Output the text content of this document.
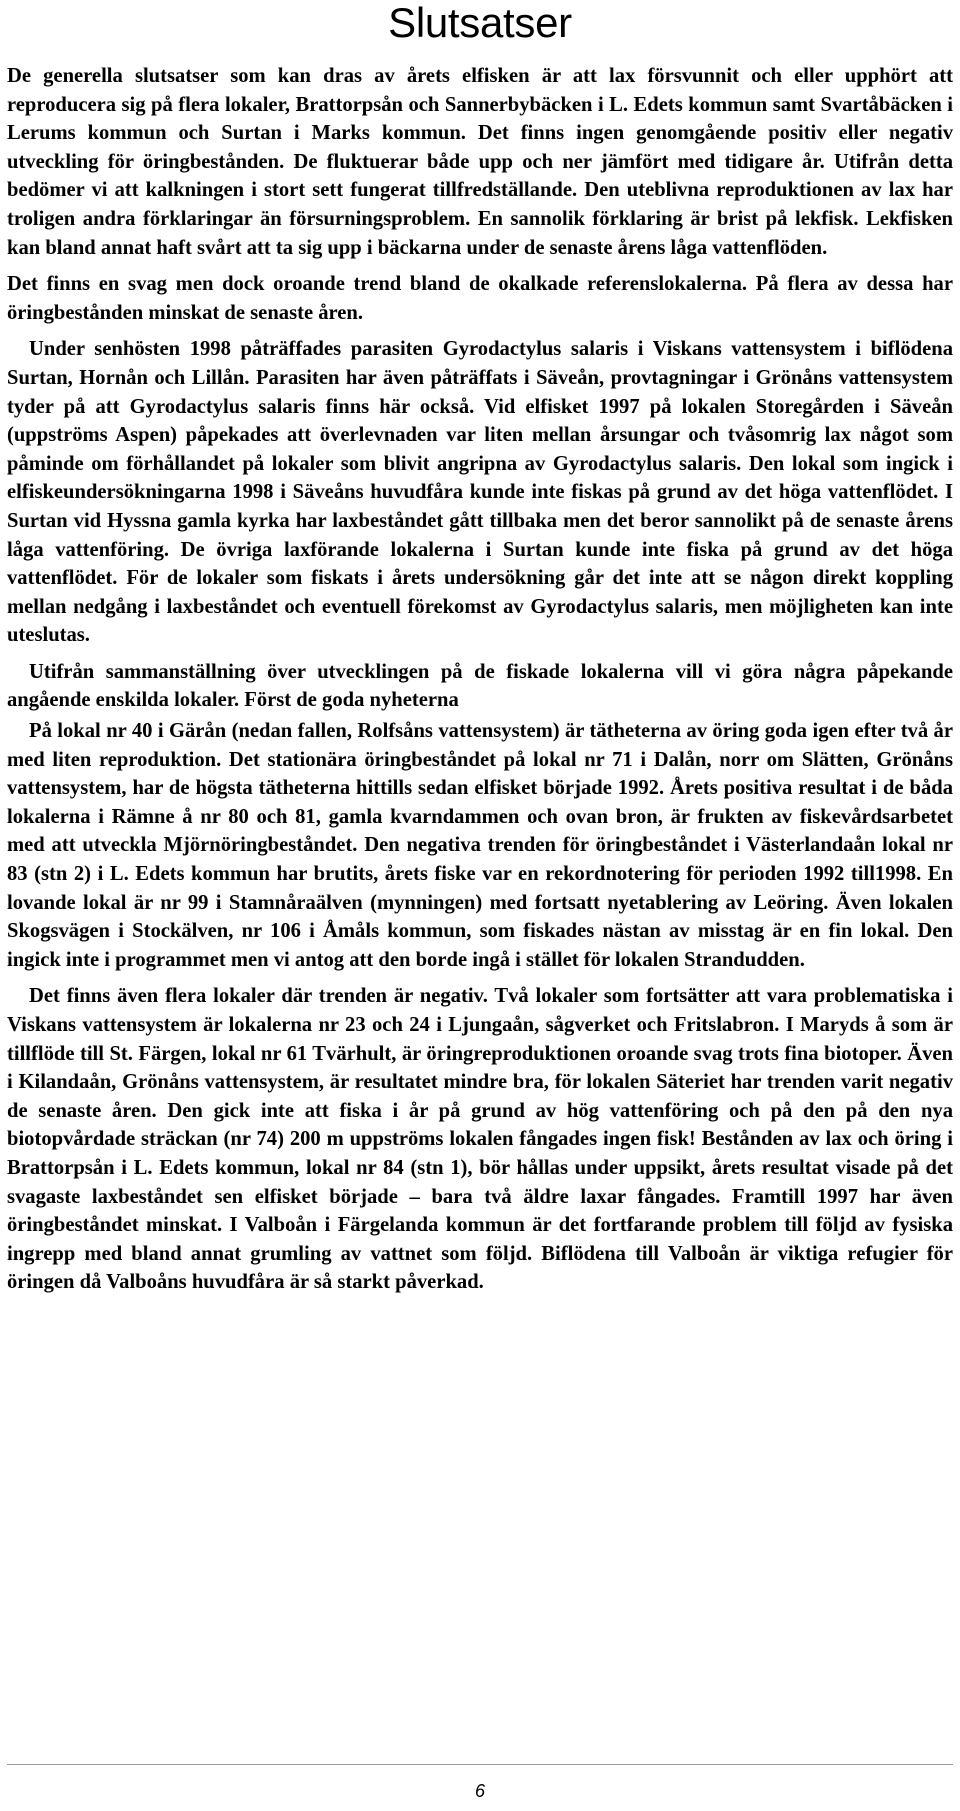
Slutsatser

De generella slutsatser som kan dras av årets elfisken är att lax försvunnit och eller upphört att reproducera sig på flera lokaler, Brattorpsån och Sannerbybäcken i L. Edets kommun samt Svartåbäcken i Lerums kommun och Surtan i Marks kommun. Det finns ingen genomgående positiv eller negativ utveckling för öringbestånden. De fluktuerar både upp och ner jämfört med tidigare år. Utifrån detta bedömer vi att kalkningen i stort sett fungerat tillfredställande. Den uteblivna reproduktionen av lax har troligen andra förklaringar än försurningsproblem. En sannolik förklaring är brist på lekfisk. Lekfisken kan bland annat haft svårt att ta sig upp i bäckarna under de senaste årens låga vattenflöden.

Det finns en svag men dock oroande trend bland de okalkade referenslokalerna. På flera av dessa har öringbestånden minskat de senaste åren.

Under senhösten 1998 påträffades parasiten Gyrodactylus salaris i Viskans vattensystem i biflödena Surtan, Hornån och Lillån. Parasiten har även påträffats i Säveån, provtagningar i Grönåns vattensystem tyder på att Gyrodactylus salaris finns här också. Vid elfisket 1997 på lokalen Storegården i Säveån (uppströms Aspen) påpekades att överlevnaden var liten mellan årsungar och tvåsomrig lax något som påminde om förhållandet på lokaler som blivit angripna av Gyrodactylus salaris. Den lokal som ingick i elfiskeundersökningarna 1998 i Säveåns huvudfåra kunde inte fiskas på grund av det höga vattenflödet. I Surtan vid Hyssna gamla kyrka har laxbeståndet gått tillbaka men det beror sannolikt på de senaste årens låga vattenföring. De övriga laxförande lokalerna i Surtan kunde inte fiska på grund av det höga vattenflödet. För de lokaler som fiskats i årets undersökning går det inte att se någon direkt koppling mellan nedgång i laxbeståndet och eventuell förekomst av Gyrodactylus salaris, men möjligheten kan inte uteslutas.

Utifrån sammanställning över utvecklingen på de fiskade lokalerna vill vi göra några påpekande angående enskilda lokaler. Först de goda nyheterna

På lokal nr 40 i Gärån (nedan fallen, Rolfsåns vattensystem) är tätheterna av öring goda igen efter två år med liten reproduktion. Det stationära öringbeståndet på lokal nr 71 i Dalån, norr om Slätten, Grönåns vattensystem, har de högsta tätheterna hittills sedan elfisket började 1992. Årets positiva resultat i de båda lokalerna i Rämne å nr 80 och 81, gamla kvarndammen och ovan bron, är frukten av fiskevårdsarbetet med att utveckla Mjörnöringbeståndet. Den negativa trenden för öringbeståndet i Västerlandaån lokal nr 83 (stn 2) i L. Edets kommun har brutits, årets fiske var en rekordnotering för perioden 1992 till1998. En lovande lokal är nr 99 i Stamnåraälven (mynningen) med fortsatt nyetablering av Leöring. Även lokalen Skogsvägen i Stockälven, nr 106 i Åmåls kommun, som fiskades nästan av misstag är en fin lokal. Den ingick inte i programmet men vi antog att den borde ingå i stället för lokalen Strandudden.

Det finns även flera lokaler där trenden är negativ. Två lokaler som fortsätter att vara problematiska i Viskans vattensystem är lokalerna nr 23 och 24 i Ljungaån, sågverket och Fritslabron. I Maryds å som är tillflöde till St. Färgen, lokal nr 61 Tvärhult, är öringreproduktionen oroande svag trots fina biotoper. Även i Kilandaån, Grönåns vattensystem, är resultatet mindre bra, för lokalen Säteriet har trenden varit negativ de senaste åren. Den gick inte att fiska i år på grund av hög vattenföring och på den på den nya biotopvårdade sträckan (nr 74) 200 m uppströms lokalen fångades ingen fisk! Bestånden av lax och öring i Brattorpsån i L. Edets kommun, lokal nr 84 (stn 1), bör hållas under uppsikt, årets resultat visade på det svagaste laxbeståndet sen elfisket började – bara två äldre laxar fångades. Framtill 1997 har även öringbeståndet minskat. I Valboån i Färgelanda kommun är det fortfarande problem till följd av fysiska ingrepp med bland annat grumling av vattnet som följd. Biflödena till Valboån är viktiga refugier för öringen då Valboåns huvudfåra är så starkt påverkad.

6
